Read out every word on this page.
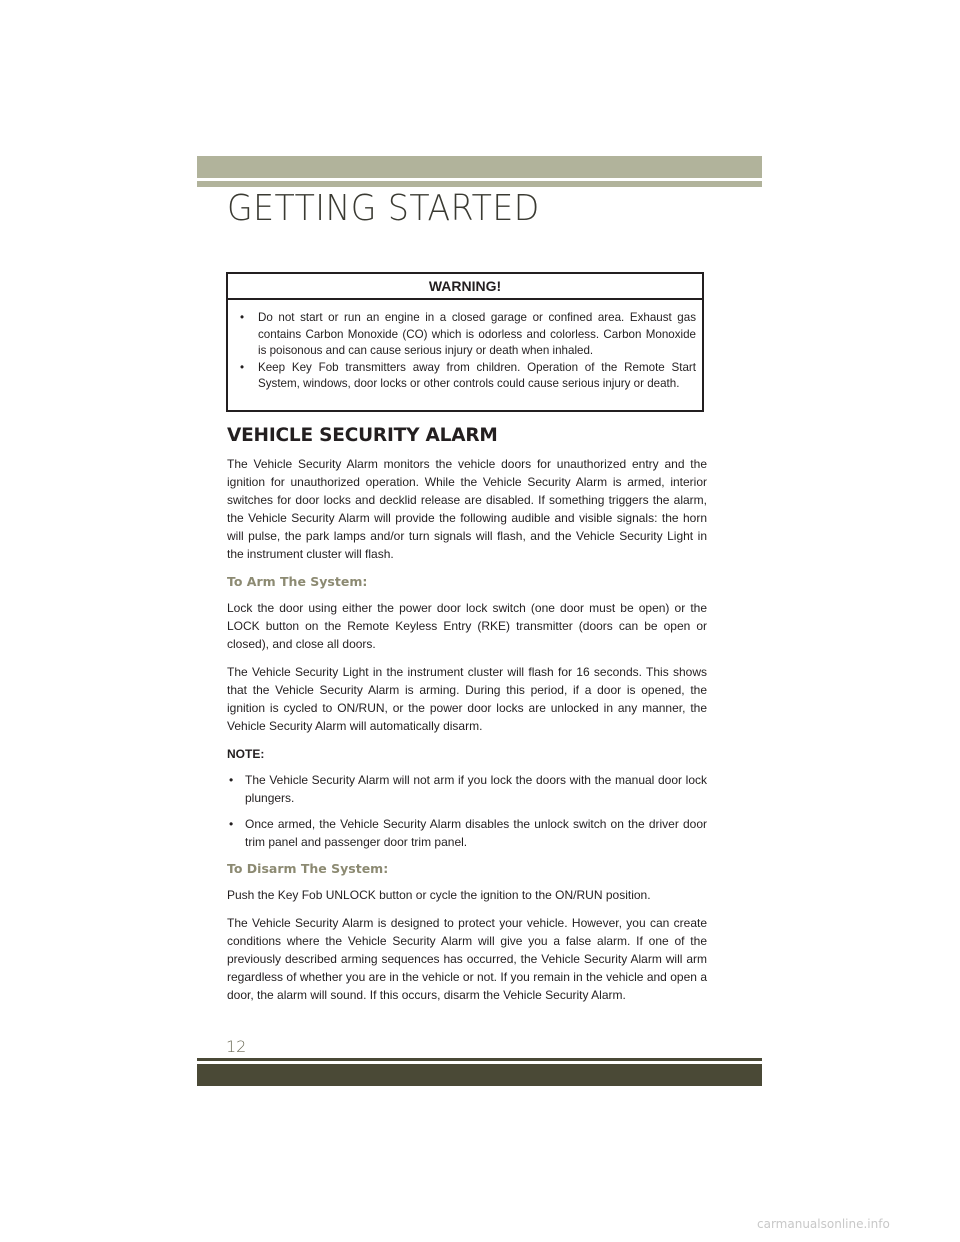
GETTING STARTED
WARNING!
• Do not start or run an engine in a closed garage or confined area. Exhaust gas contains Carbon Monoxide (CO) which is odorless and colorless. Carbon Monoxide is poisonous and can cause serious injury or death when inhaled.
• Keep Key Fob transmitters away from children. Operation of the Remote Start System, windows, door locks or other controls could cause serious injury or death.
VEHICLE SECURITY ALARM

The Vehicle Security Alarm monitors the vehicle doors for unauthorized entry and the ignition for unauthorized operation. While the Vehicle Security Alarm is armed, interior switches for door locks and decklid release are disabled. If something triggers the alarm, the Vehicle Security Alarm will provide the following audible and visible signals: the horn will pulse, the park lamps and/or turn signals will flash, and the Vehicle Security Light in the instrument cluster will flash.

To Arm The System:

Lock the door using either the power door lock switch (one door must be open) or the LOCK button on the Remote Keyless Entry (RKE) transmitter (doors can be open or closed), and close all doors.

The Vehicle Security Light in the instrument cluster will flash for 16 seconds. This shows that the Vehicle Security Alarm is arming. During this period, if a door is opened, the ignition is cycled to ON/RUN, or the power door locks are unlocked in any manner, the Vehicle Security Alarm will automatically disarm.

NOTE:
• The Vehicle Security Alarm will not arm if you lock the doors with the manual door lock plungers.
• Once armed, the Vehicle Security Alarm disables the unlock switch on the driver door trim panel and passenger door trim panel.
To Disarm The System:

Push the Key Fob UNLOCK button or cycle the ignition to the ON/RUN position.

The Vehicle Security Alarm is designed to protect your vehicle. However, you can create conditions where the Vehicle Security Alarm will give you a false alarm. If one of the previously described arming sequences has occurred, the Vehicle Security Alarm will arm regardless of whether you are in the vehicle or not. If you remain in the vehicle and open a door, the alarm will sound. If this occurs, disarm the Vehicle Security Alarm.

12
carmanualsonline.info
